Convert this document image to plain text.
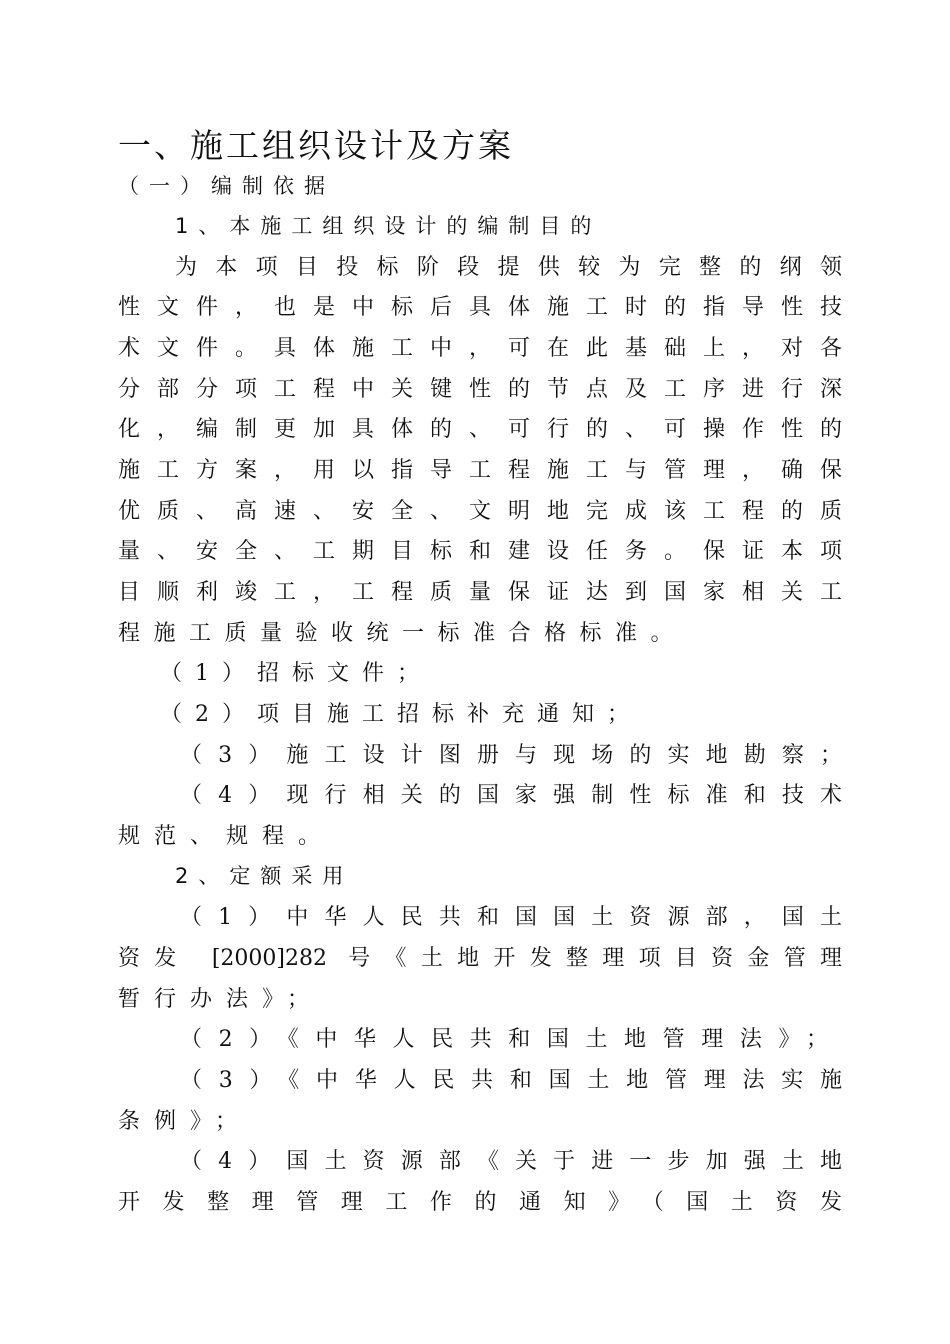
一、施工组织设计及方案
（一）编制依据
1、本施工组织设计的编制目的
为本项目投标阶段提供较为完整的纲领
性文件，也是中标后具体施工时的指导性技
术文件。具体施工中，可在此基础上，对各
分部分项工程中关键性的节点及工序进行深
化，编制更加具体的、可行的、可操作性的
施工方案，用以指导工程施工与管理，确保
优质、高速、安全、文明地完成该工程的质
量、安全、工期目标和建设任务。保证本项
目顺利竣工，工程质量保证达到国家相关工
程施工质量验收统一标准合格标准。
（1）招标文件；
（2）项目施工招标补充通知；
（3）施工设计图册与现场的实地勘察；
（4）现行相关的国家强制性标准和技术
规范、规程。
2、定额采用
（1）中华人民共和国国土资源部，国土
资发 [2000]282 号《土地开发整理项目资金管理
暂行办法》；
（2）《中华人民共和国土地管理法》；
（3）《中华人民共和国土地管理法实施
条例》；
（4）国土资源部《关于进一步加强土地
开发整理管理工作的通知》（国土资发
